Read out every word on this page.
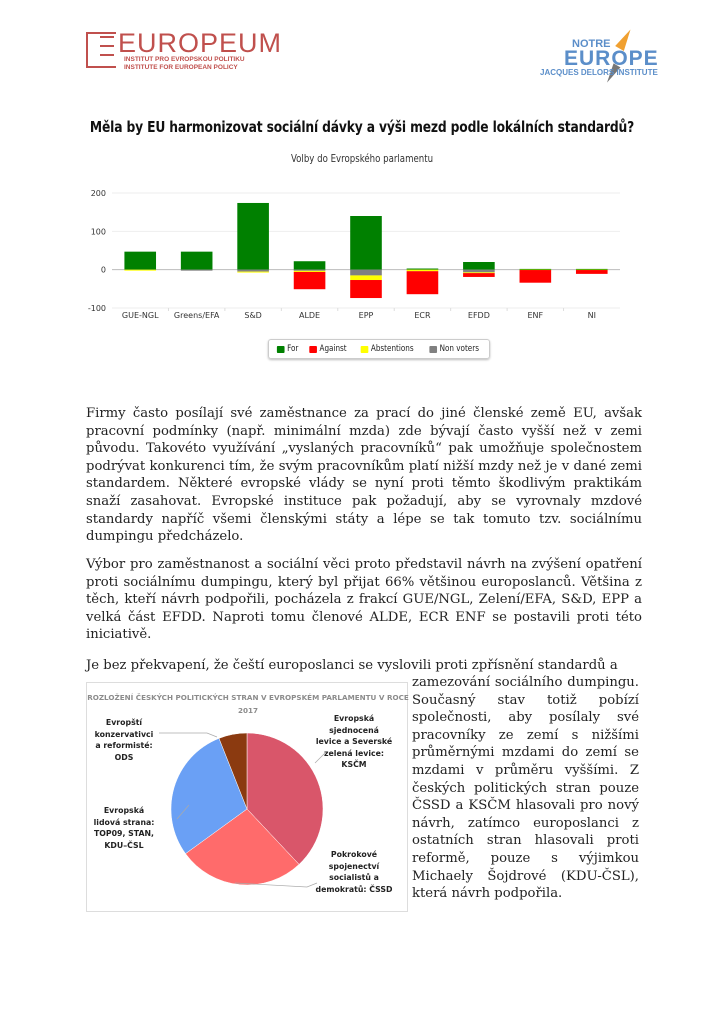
EUROPEUM
INSTITUT PRO EVROPSKOU POLITIKU
INSTITUTE FOR EUROPEAN POLICY
NOTRE
EUROPE
JACQUES DELORS INSTITUTE
Měla by EU harmonizovat sociální dávky a výši mezd podle lokálních standardů?
Volby do Evropského parlamentu
200
100
0
-100
GUE-NGL Greens/EFA	S&D	ALDE	EPP	ECR	EFDD	ENF	NI
For	Against	Abstentions	Non voters
Firmy často posílají své zaměstnance za prací do jiné členské země EU, avšak pracovní podmínky (např. minimální mzda) zde bývají často vyšší než v zemi původu. Takovéto využívání „vyslaných pracovníků“ pak umožňuje společnostem podrývat konkurenci tím, že svým pracovníkům platí nižší mzdy než je v dané zemi standardem. Některé evropské vlády se nyní proti těmto škodlivým praktikám snaží zasahovat. Evropské instituce pak požadují, aby se vyrovnaly mzdové standardy napříč všemi členskými státy a lépe se tak tomuto tzv. sociálnímu dumpingu předcházelo.
Výbor pro zaměstnanost a sociální věci proto představil návrh na zvýšení opatření proti sociálnímu dumpingu, který byl přijat 66% většinou europoslanců. Většina z těch, kteří návrh podpořili, pocházela z frakcí GUE/NGL, Zelení/EFA, S&D, EPP a velká část EFDD. Naproti tomu členové ALDE, ECR ENF se postavili proti této iniciativě.
Je bez překvapení, že čeští europoslanci se vyslovili proti zpřísnění standardů a
zamezování sociálního dumpingu. Současný stav totiž pobízí společnosti, aby posílaly své pracovníky ze zemí s nižšími průměrnými mzdami do zemí se mzdami v průměru vyššími. Z českých politických stran pouze ČSSD a KSČM hlasovali pro nový návrh, zatímco europoslanci z ostatních stran hlasovali proti reformě, pouze s výjimkou Michaely Šojdrové (KDU-ČSL), která návrh podpořila.
ROZLOŽENÍ ČESKÝCH POLITICKÝCH STRAN V EVROPSKÉM PARLAMENTU V ROCE 2017
Evropská
sjednocená
levice a Severské
zelená levice:
KSČM
Pokrokové
spojenectví
socialistů a
demokratů: ČSSD
Evropská
lidová strana:
TOP09, STAN,
KDU–ČSL
Evropští
konzervativci
a reformisté:
ODS
